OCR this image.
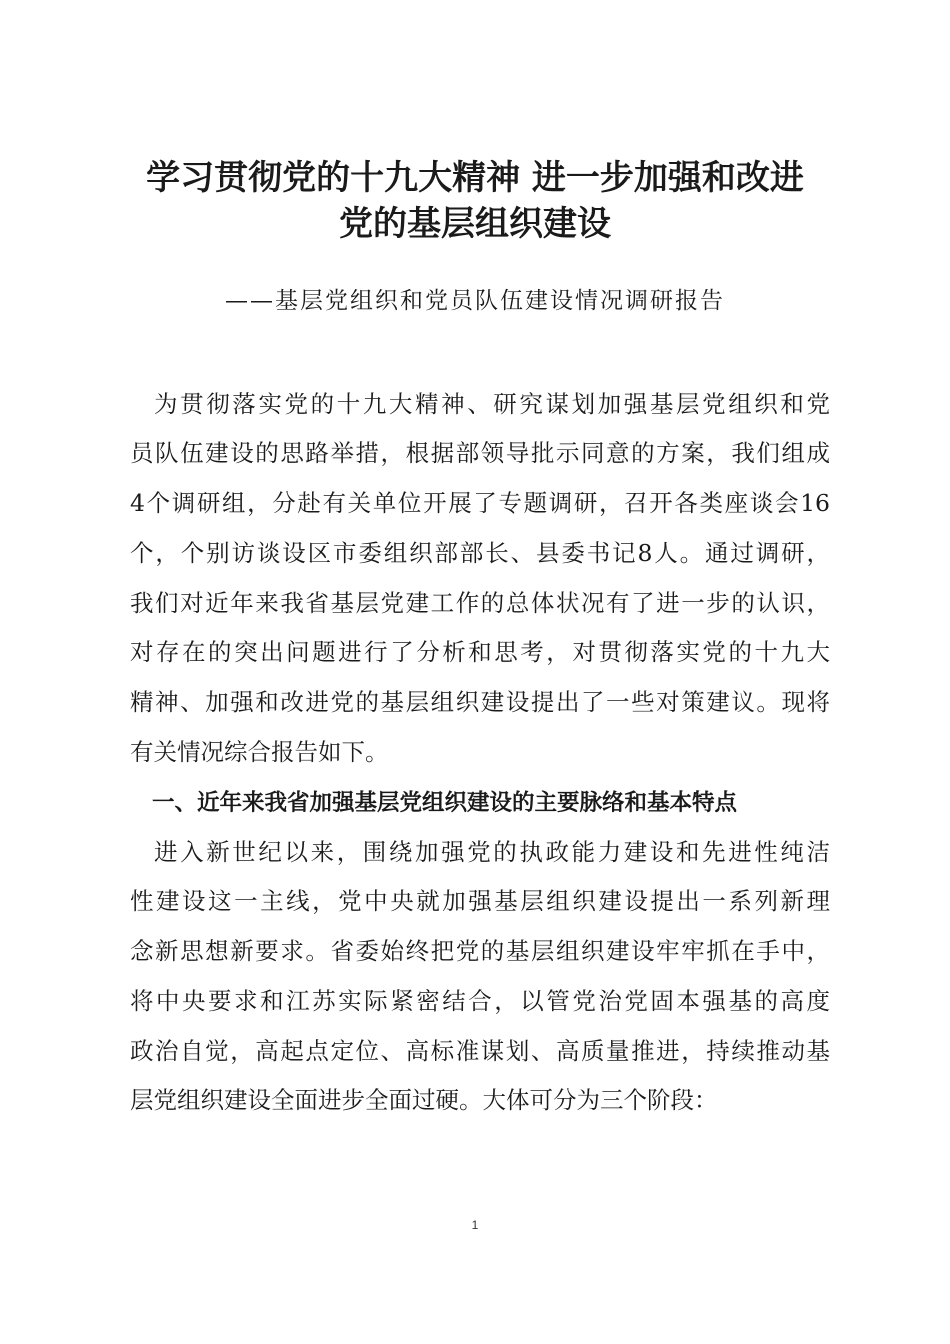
学习贯彻党的十九大精神 进一步加强和改进
党的基层组织建设
——基层党组织和党员队伍建设情况调研报告
为贯彻落实党的十九大精神、研究谋划加强基层党组织和党
员队伍建设的思路举措，根据部领导批示同意的方案，我们组成
4个调研组，分赴有关单位开展了专题调研，召开各类座谈会16
个，个别访谈设区市委组织部部长、县委书记8人。通过调研，
我们对近年来我省基层党建工作的总体状况有了进一步的认识，
对存在的突出问题进行了分析和思考，对贯彻落实党的十九大
精神、加强和改进党的基层组织建设提出了一些对策建议。现将
有关情况综合报告如下。
一、近年来我省加强基层党组织建设的主要脉络和基本特点
进入新世纪以来，围绕加强党的执政能力建设和先进性纯洁
性建设这一主线，党中央就加强基层组织建设提出一系列新理
念新思想新要求。省委始终把党的基层组织建设牢牢抓在手中，
将中央要求和江苏实际紧密结合，以管党治党固本强基的高度
政治自觉，高起点定位、高标准谋划、高质量推进，持续推动基
层党组织建设全面进步全面过硬。大体可分为三个阶段：
1
